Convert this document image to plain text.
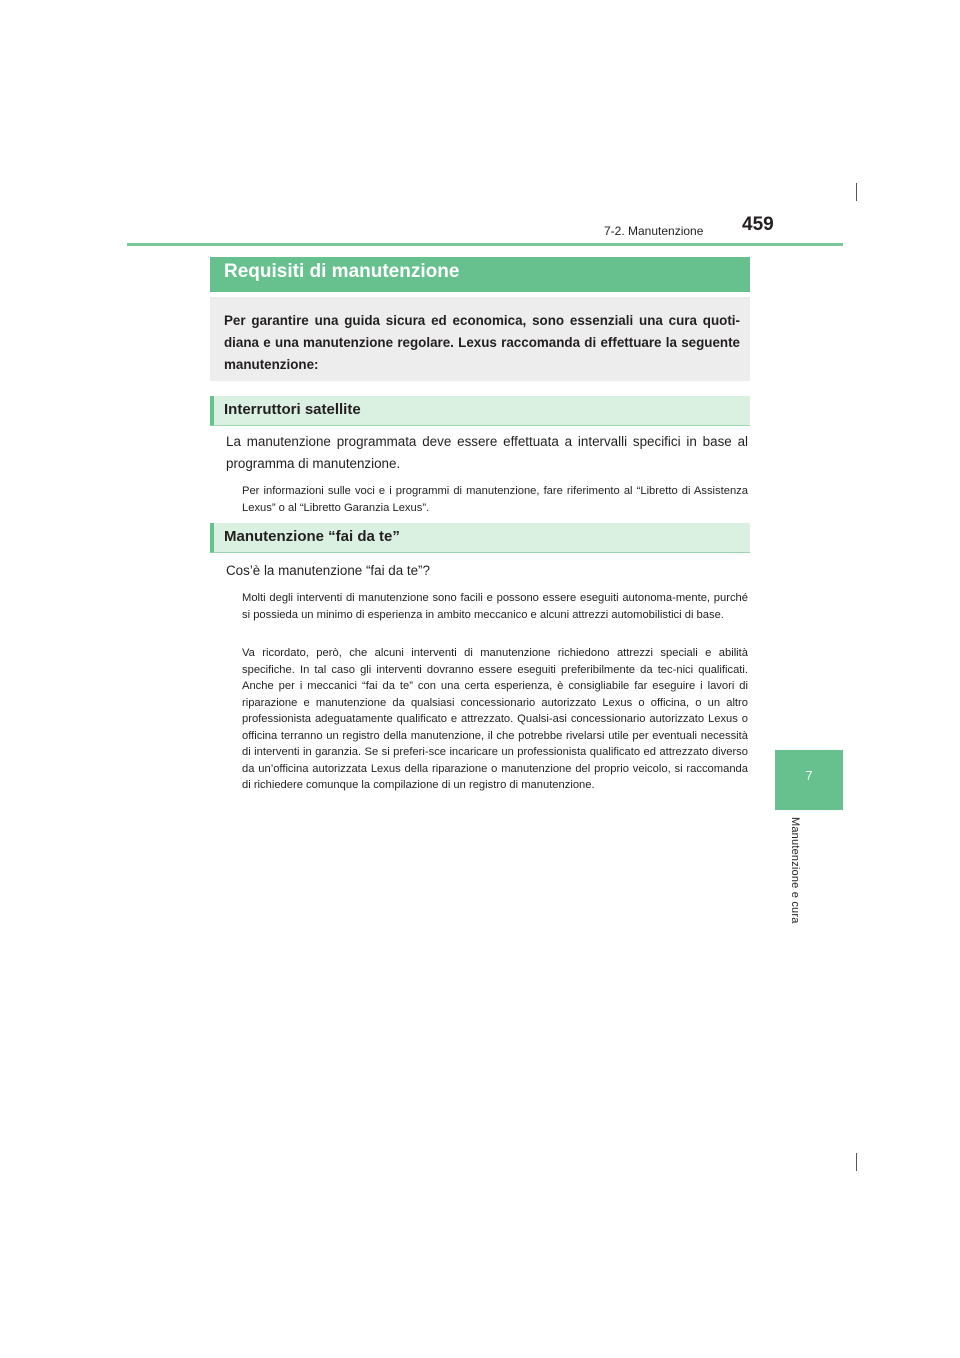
7-2. Manutenzione 459
7
Manutenzione e cura
Requisiti di manutenzione
Per garantire una guida sicura ed economica, sono essenziali una cura quoti-diana e una manutenzione regolare. Lexus raccomanda di effettuare la seguente manutenzione:
Interruttori satellite

La manutenzione programmata deve essere effettuata a intervalli specifici in base al programma di manutenzione.

Per informazioni sulle voci e i programmi di manutenzione, fare riferimento al “Libretto di Assistenza Lexus” o al “Libretto Garanzia Lexus”.

Manutenzione “fai da te”

Cos’è la manutenzione “fai da te”?

Molti degli interventi di manutenzione sono facili e possono essere eseguiti autonoma-mente, purché si possieda un minimo di esperienza in ambito meccanico e alcuni attrezzi automobilistici di base.

Va ricordato, però, che alcuni interventi di manutenzione richiedono attrezzi speciali e abilità specifiche. In tal caso gli interventi dovranno essere eseguiti preferibilmente da tec-nici qualificati. Anche per i meccanici “fai da te” con una certa esperienza, è consigliabile far eseguire i lavori di riparazione e manutenzione da qualsiasi concessionario autorizzato Lexus o officina, o un altro professionista adeguatamente qualificato e attrezzato. Qualsi-asi concessionario autorizzato Lexus o officina terranno un registro della manutenzione, il che potrebbe rivelarsi utile per eventuali necessità di interventi in garanzia. Se si preferi-sce incaricare un professionista qualificato ed attrezzato diverso da un’officina autorizzata Lexus della riparazione o manutenzione del proprio veicolo, si raccomanda di richiedere comunque la compilazione di un registro di manutenzione.
